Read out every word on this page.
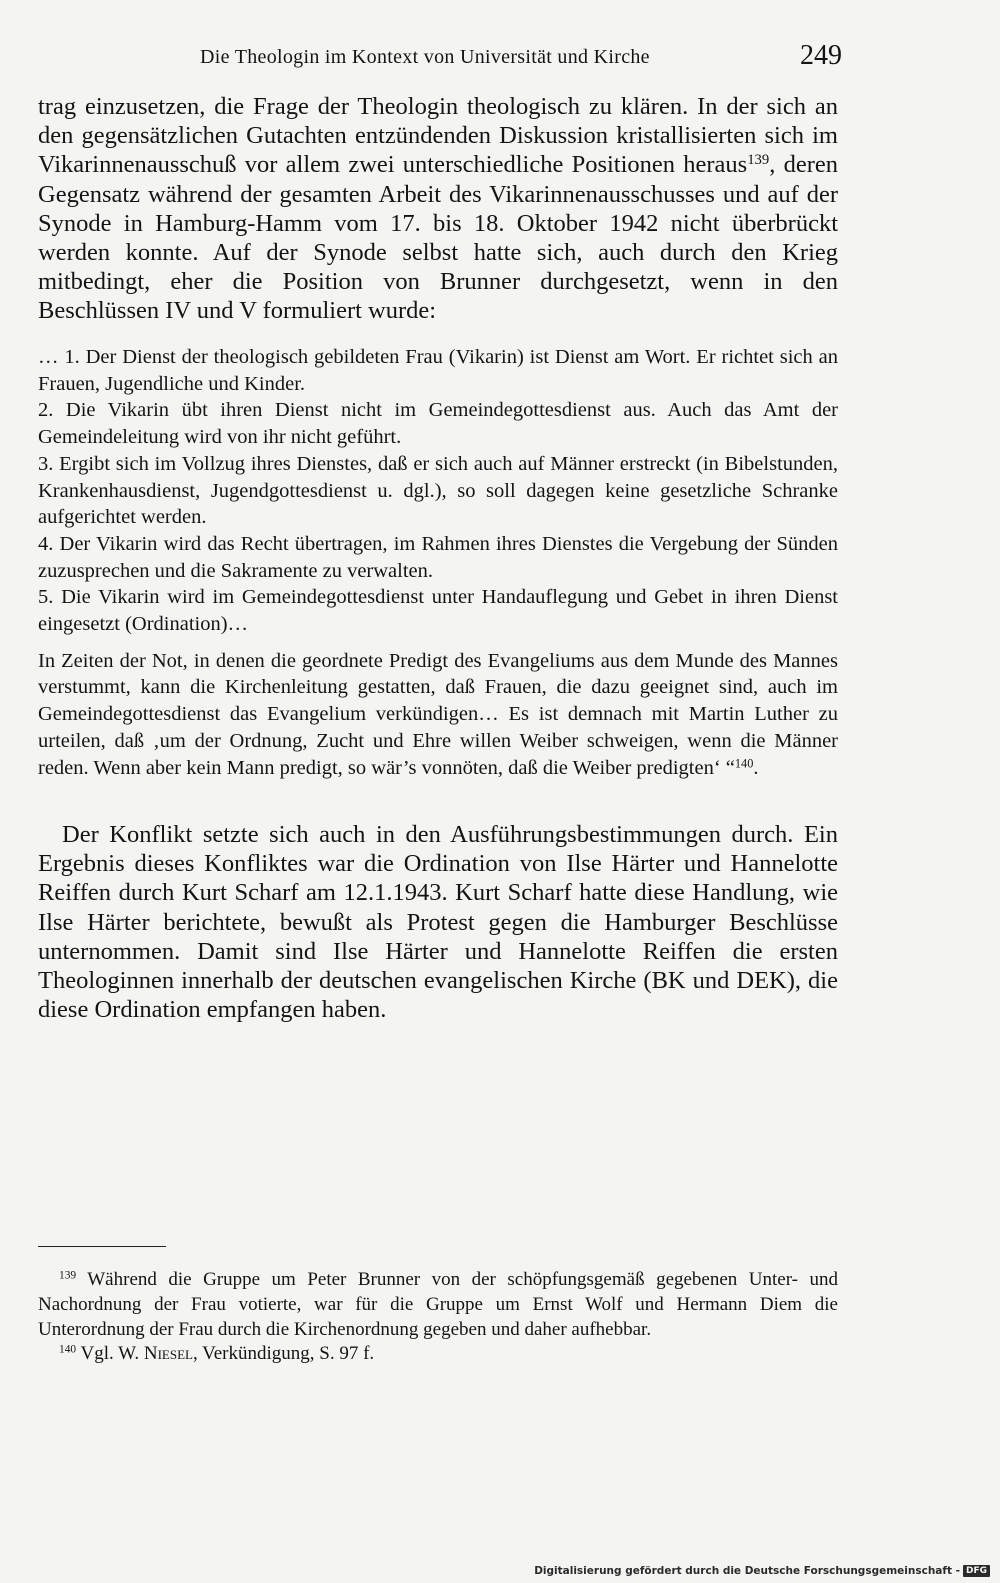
Die Theologin im Kontext von Universität und Kirche	249

trag einzusetzen, die Frage der Theologin theologisch zu klären. In der sich an den gegensätzlichen Gutachten entzündenden Diskussion kristallisierten sich im Vikarinnenausschuß vor allem zwei unterschiedliche Positionen heraus$^{139}$, deren Gegensatz während der gesamten Arbeit des Vikarinnenausschusses und auf der Synode in Hamburg-Hamm vom 17. bis 18. Oktober 1942 nicht überbrückt werden konnte. Auf der Synode selbst hatte sich, auch durch den Krieg mitbedingt, eher die Position von Brunner durchgesetzt, wenn in den Beschlüssen IV und V formuliert wurde:

… 1. Der Dienst der theologisch gebildeten Frau (Vikarin) ist Dienst am Wort. Er richtet sich an Frauen, Jugendliche und Kinder.

2. Die Vikarin übt ihren Dienst nicht im Gemeindegottesdienst aus. Auch das Amt der Gemeindeleitung wird von ihr nicht geführt.

3. Ergibt sich im Vollzug ihres Dienstes, daß er sich auch auf Männer erstreckt (in Bibelstunden, Krankenhausdienst, Jugendgottesdienst u. dgl.), so soll dagegen keine gesetzliche Schranke aufgerichtet werden.

4. Der Vikarin wird das Recht übertragen, im Rahmen ihres Dienstes die Vergebung der Sünden zuzusprechen und die Sakramente zu verwalten.

5. Die Vikarin wird im Gemeindegottesdienst unter Handauflegung und Gebet in ihren Dienst eingesetzt (Ordination)…

In Zeiten der Not, in denen die geordnete Predigt des Evangeliums aus dem Munde des Mannes verstummt, kann die Kirchenleitung gestatten, daß Frauen, die dazu geeignet sind, auch im Gemeindegottesdienst das Evangelium verkündigen… Es ist demnach mit Martin Luther zu urteilen, daß ‚um der Ordnung, Zucht und Ehre willen Weiber schweigen, wenn die Männer reden. Wenn aber kein Mann predigt, so wär’s vonnöten, daß die Weiber predigten‘ “$^{140}$.

Der Konflikt setzte sich auch in den Ausführungsbestimmungen durch. Ein Ergebnis dieses Konfliktes war die Ordination von Ilse Härter und Hannelotte Reiffen durch Kurt Scharf am 12.1.1943. Kurt Scharf hatte diese Handlung, wie Ilse Härter berichtete, bewußt als Protest gegen die Hamburger Beschlüsse unternommen. Damit sind Ilse Härter und Hannelotte Reiffen die ersten Theologinnen innerhalb der deutschen evangelischen Kirche (BK und DEK), die diese Ordination empfangen haben.

$^{139}$ Während die Gruppe um Peter Brunner von der schöpfungsgemäß gegebenen Unter- und Nachordnung der Frau votierte, war für die Gruppe um Ernst Wolf und Hermann Diem die Unterordnung der Frau durch die Kirchenordnung gegeben und daher aufhebbar.

$^{140}$ Vgl. W. Niesel, Verkündigung, S. 97 f.

Digitalisierung gefördert durch die Deutsche Forschungsgemeinschaft - DFG
